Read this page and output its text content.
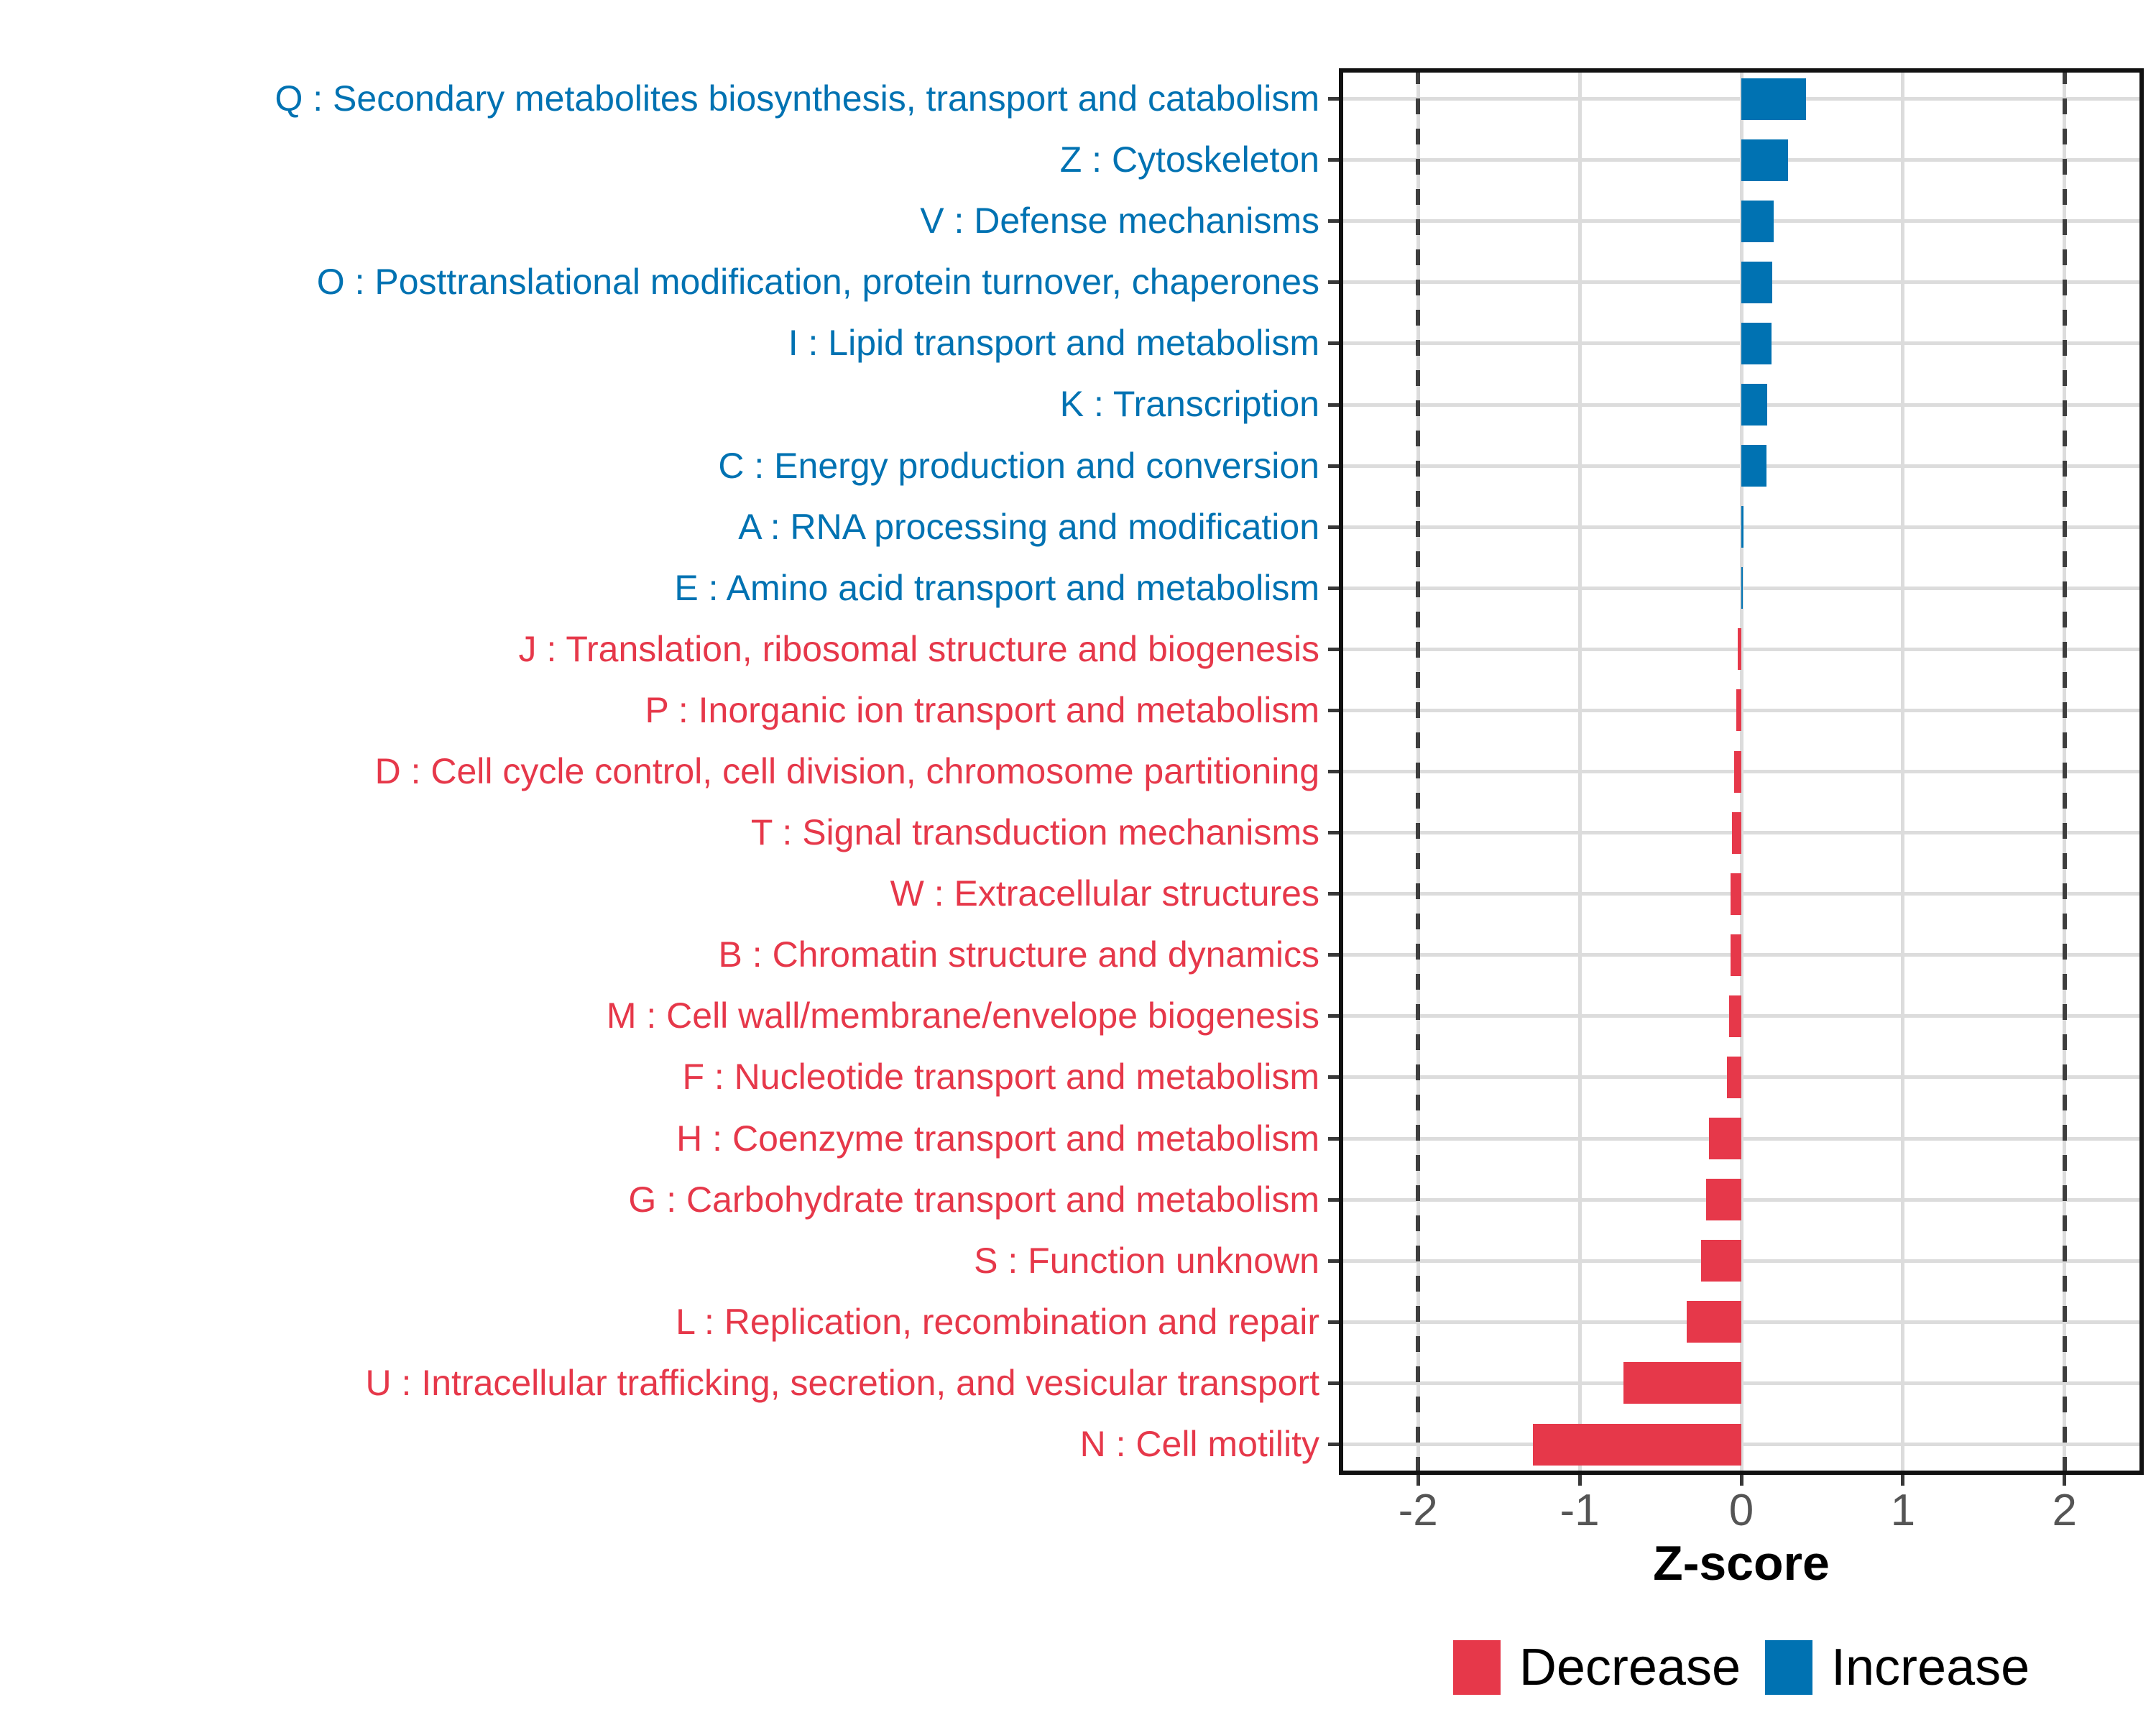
Z-score
Decrease Increase
Q : Secondary metabolites biosynthesis, transport and catabolism
Z : Cytoskeleton
V : Defense mechanisms
O : Posttranslational modification, protein turnover, chaperones
I : Lipid transport and metabolism
K : Transcription
C : Energy production and conversion
A : RNA processing and modification
E : Amino acid transport and metabolism
J : Translation, ribosomal structure and biogenesis
P : Inorganic ion transport and metabolism
D : Cell cycle control, cell division, chromosome partitioning
T : Signal transduction mechanisms
W : Extracellular structures
B : Chromatin structure and dynamics
M : Cell wall/membrane/envelope biogenesis
F : Nucleotide transport and metabolism
H : Coenzyme transport and metabolism
G : Carbohydrate transport and metabolism
S : Function unknown
L : Replication, recombination and repair
U : Intracellular trafficking, secretion, and vesicular transport
N : Cell motility
-2	-1	0	1	2
